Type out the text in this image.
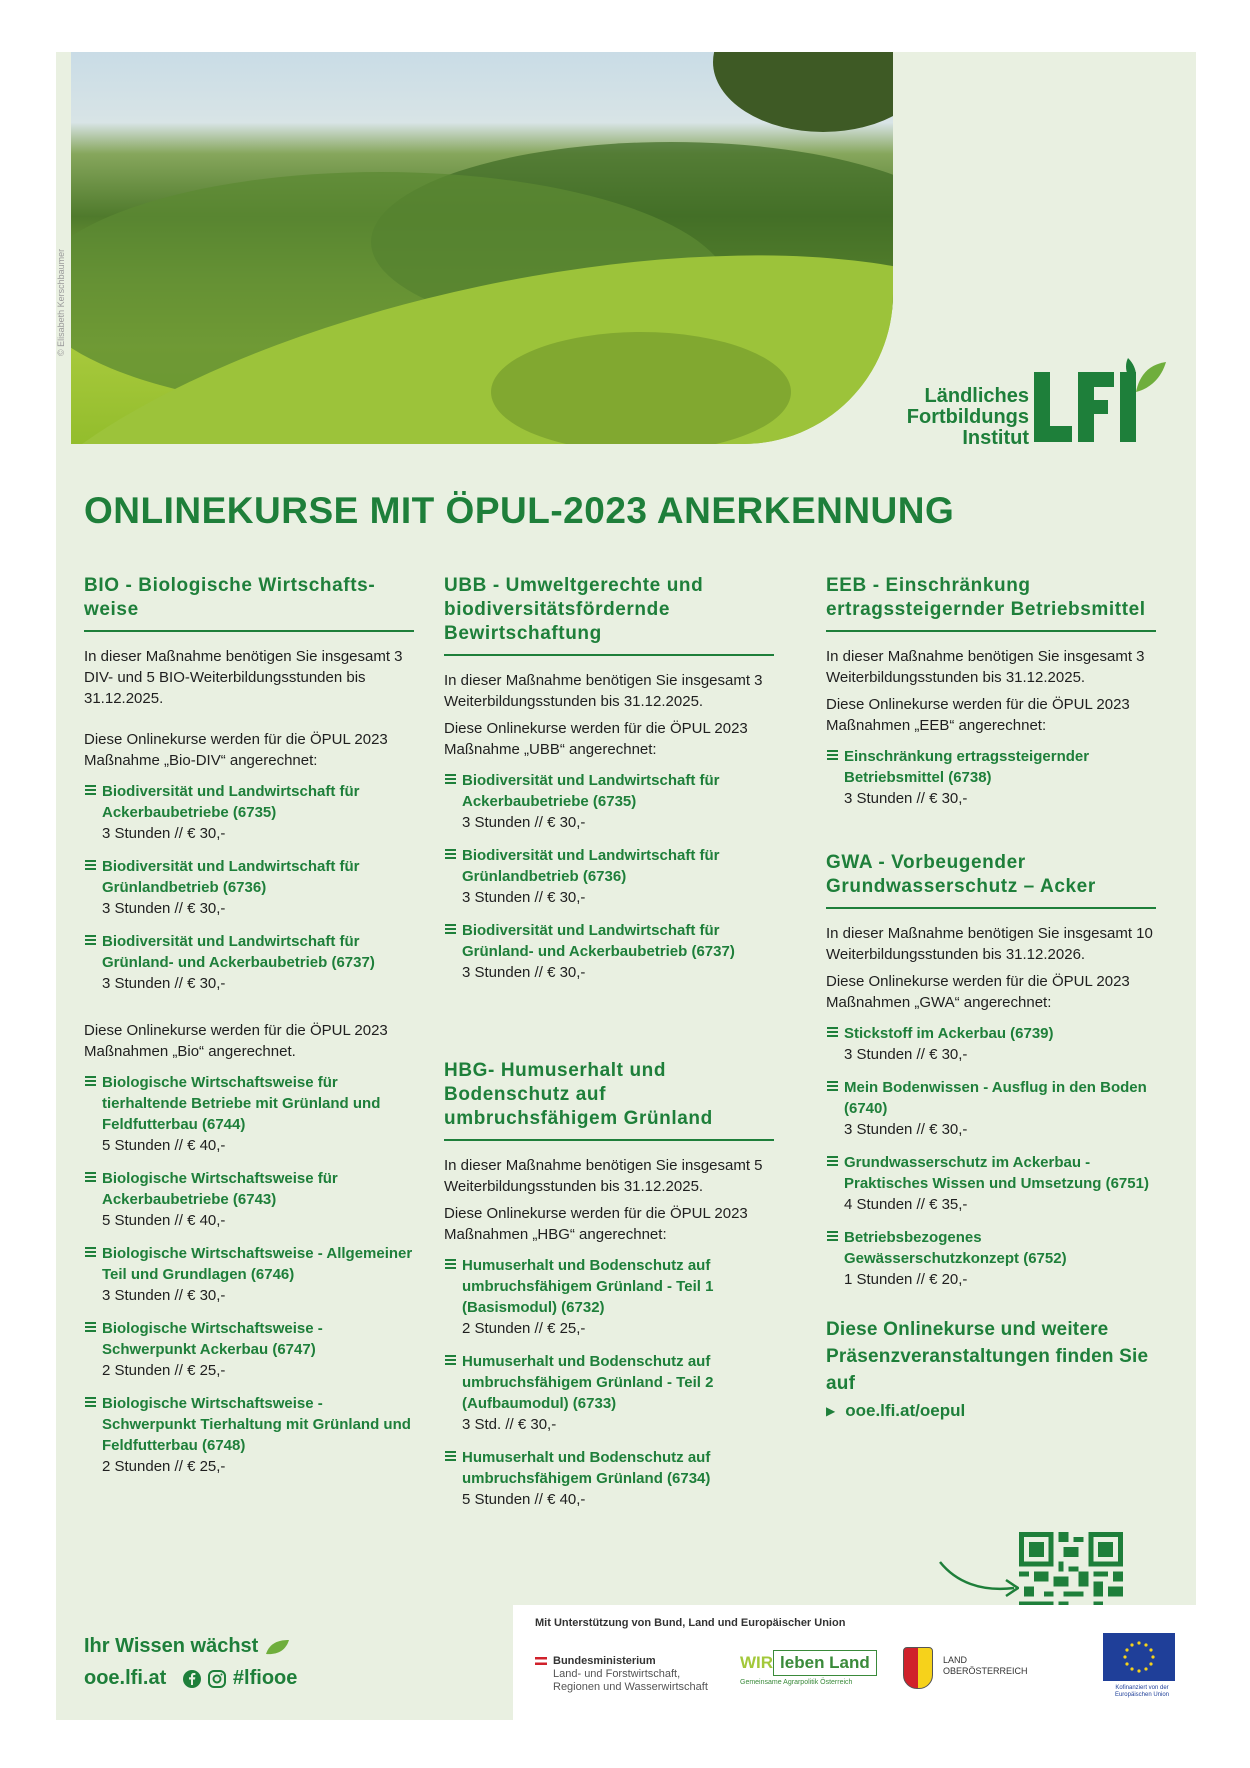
© Elisabeth Kerschbaumer
Ländliches
Fortbildungs
Institut
ONLINEKURSE MIT ÖPUL-2023 ANERKENNUNG
BIO - Biologische Wirtschafts-weise

In dieser Maßnahme benötigen Sie insgesamt 3 DIV- und 5 BIO-Weiterbildungsstunden bis 31.12.2025.

Diese Onlinekurse werden für die ÖPUL 2023 Maßnahme „Bio-DIV“ angerechnet:

Biodiversität und Landwirtschaft für Ackerbaubetriebe (6735)
3 Stunden // € 30,-
Biodiversität und Landwirtschaft für Grünlandbetrieb (6736)
3 Stunden // € 30,-
Biodiversität und Landwirtschaft für Grünland- und Ackerbaubetrieb (6737)
3 Stunden // € 30,-

Diese Onlinekurse werden für die ÖPUL 2023 Maßnahmen „Bio“ angerechnet.

Biologische Wirtschaftsweise für tierhaltende Betriebe mit Grünland und Feldfutterbau (6744)
5 Stunden // € 40,-
Biologische Wirtschaftsweise für Ackerbaubetriebe (6743)
5 Stunden // € 40,-
Biologische Wirtschaftsweise - Allgemeiner Teil und Grundlagen (6746)
3 Stunden // € 30,-
Biologische Wirtschaftsweise - Schwerpunkt Ackerbau (6747)
2 Stunden // € 25,-
Biologische Wirtschaftsweise - Schwerpunkt Tierhaltung mit Grünland und Feldfutterbau (6748)
2 Stunden // € 25,-
UBB - Umweltgerechte und biodiversitätsfördernde Bewirtschaftung

In dieser Maßnahme benötigen Sie insgesamt 3 Weiterbildungsstunden bis 31.12.2025.

Diese Onlinekurse werden für die ÖPUL 2023 Maßnahme „UBB“ angerechnet:

Biodiversität und Landwirtschaft für Ackerbaubetriebe (6735)
3 Stunden // € 30,-
Biodiversität und Landwirtschaft für Grünlandbetrieb (6736)
3 Stunden // € 30,-
Biodiversität und Landwirtschaft für Grünland- und Ackerbaubetrieb (6737)
3 Stunden // € 30,-
HBG- Humuserhalt und Bodenschutz auf umbruchsfähigem Grünland

In dieser Maßnahme benötigen Sie insgesamt 5 Weiterbildungsstunden bis 31.12.2025.

Diese Onlinekurse werden für die ÖPUL 2023 Maßnahmen „HBG“ angerechnet:

Humuserhalt und Bodenschutz auf umbruchsfähigem Grünland - Teil 1 (Basismodul) (6732)
2 Stunden // € 25,-
Humuserhalt und Bodenschutz auf umbruchsfähigem Grünland - Teil 2 (Aufbaumodul) (6733)
3 Std. // € 30,-
Humuserhalt und Bodenschutz auf umbruchsfähigem Grünland (6734)
5 Stunden // € 40,-
EEB - Einschränkung ertragssteigernder Betriebsmittel

In dieser Maßnahme benötigen Sie insgesamt 3 Weiterbildungsstunden bis 31.12.2025.

Diese Onlinekurse werden für die ÖPUL 2023 Maßnahmen „EEB“ angerechnet:

Einschränkung ertragssteigernder Betriebsmittel (6738)
3 Stunden // € 30,-
GWA - Vorbeugender Grundwasserschutz – Acker

In dieser Maßnahme benötigen Sie insgesamt 10 Weiterbildungsstunden bis 31.12.2026.

Diese Onlinekurse werden für die ÖPUL 2023 Maßnahmen „GWA“ angerechnet:

Stickstoff im Ackerbau (6739)
3 Stunden // € 30,-
Mein Bodenwissen - Ausflug in den Boden (6740)
3 Stunden // € 30,-
Grundwasserschutz im Ackerbau - Praktisches Wissen und Umsetzung (6751)
4 Stunden // € 35,-
Betriebsbezogenes Gewässerschutzkonzept (6752)
1 Stunden // € 20,-
Diese Onlinekurse und weitere Präsenzveranstaltungen finden Sie auf
▶ ooe.lfi.at/oepul
Ihr Wissen wächst
ooe.lfi.at	#lfiooe
Mit Unterstützung von Bund, Land und Europäischer Union
Bundesministerium
Land- und Forstwirtschaft,
Regionen und Wasserwirtschaft
WIR leben Land
Gemeinsame Agrarpolitik Österreich
LAND
OBERÖSTERREICH
Kofinanziert von der
Europäischen Union
